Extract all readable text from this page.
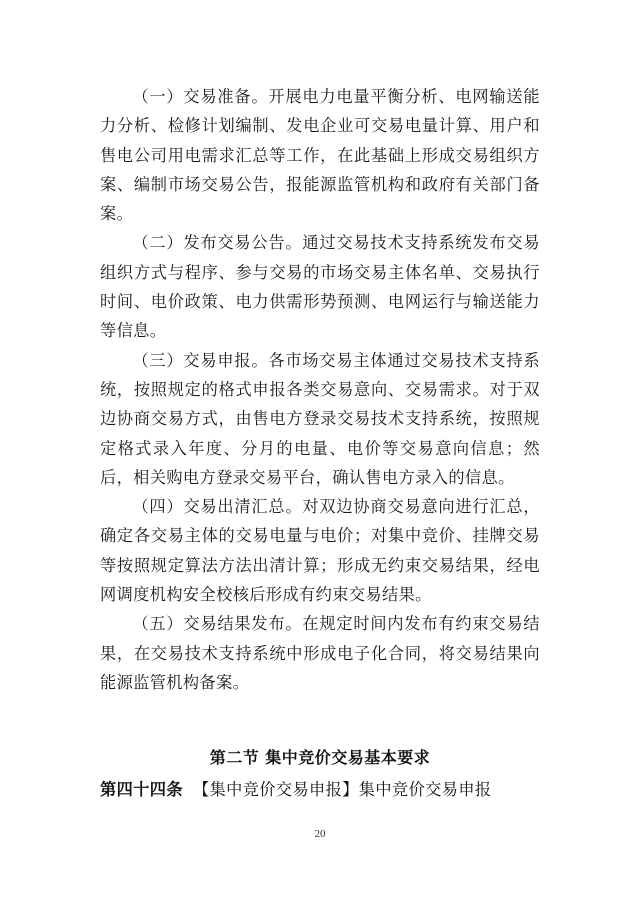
（一）交易准备。开展电力电量平衡分析、电网输送能力分析、检修计划编制、发电企业可交易电量计算、用户和售电公司用电需求汇总等工作，在此基础上形成交易组织方案、编制市场交易公告，报能源监管机构和政府有关部门备案。

（二）发布交易公告。通过交易技术支持系统发布交易组织方式与程序、参与交易的市场交易主体名单、交易执行时间、电价政策、电力供需形势预测、电网运行与输送能力等信息。

（三）交易申报。各市场交易主体通过交易技术支持系统，按照规定的格式申报各类交易意向、交易需求。对于双边协商交易方式，由售电方登录交易技术支持系统，按照规定格式录入年度、分月的电量、电价等交易意向信息；然后，相关购电方登录交易平台，确认售电方录入的信息。

（四）交易出清汇总。对双边协商交易意向进行汇总，确定各交易主体的交易电量与电价；对集中竞价、挂牌交易等按照规定算法方法出清计算；形成无约束交易结果，经电网调度机构安全校核后形成有约束交易结果。

（五）交易结果发布。在规定时间内发布有约束交易结果，在交易技术支持系统中形成电子化合同，将交易结果向能源监管机构备案。

第二节 集中竞价交易基本要求
第四十四条 【集中竞价交易申报】集中竞价交易申报
20
